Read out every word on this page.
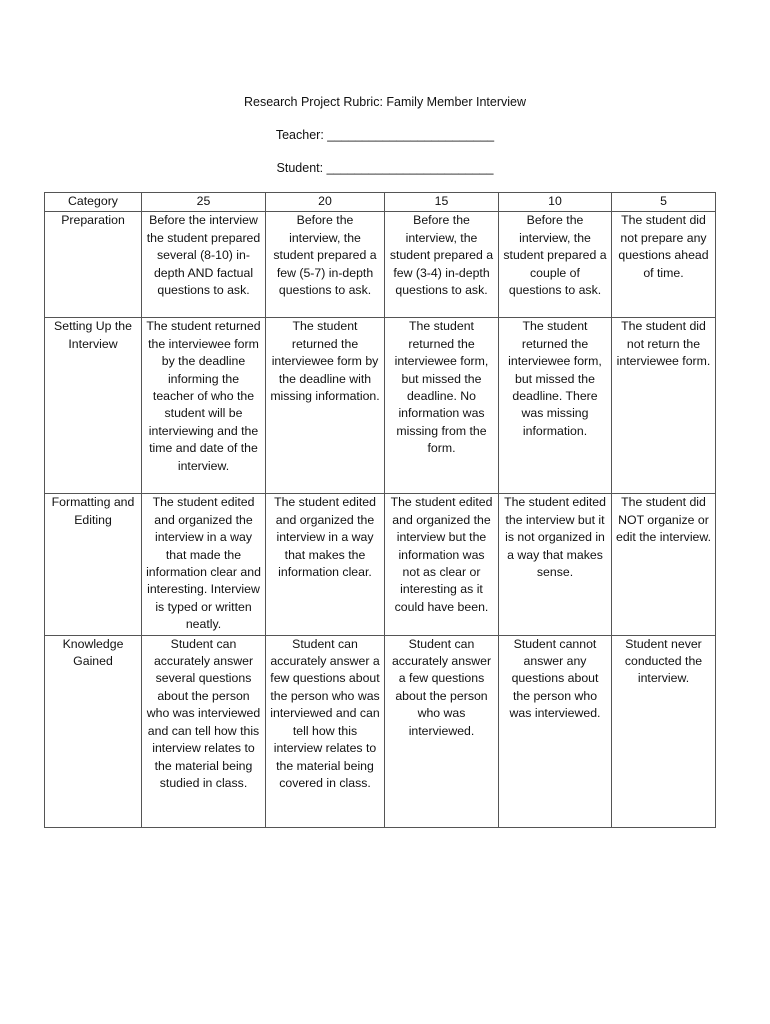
Research Project Rubric: Family Member Interview
Teacher: ________________________
Student: ________________________
Category	25	20	15	10	5
Preparation	Before the interview the student prepared several (8-10) in-depth AND factual questions to ask.	Before the interview, the student prepared a few (5-7) in-depth questions to ask.	Before the interview, the student prepared a few (3-4) in-depth questions to ask.	Before the interview, the student prepared a couple of questions to ask.	The student did not prepare any questions ahead of time.
Setting Up the Interview	The student returned the interviewee form by the deadline informing the teacher of who the student will be interviewing and the time and date of the interview.	The student returned the interviewee form by the deadline with missing information.	The student returned the interviewee form, but missed the deadline. No information was missing from the form.	The student returned the interviewee form, but missed the deadline. There was missing information.	The student did not return the interviewee form.
Formatting and Editing	The student edited and organized the interview in a way that made the information clear and interesting. Interview is typed or written neatly.	The student edited and organized the interview in a way that makes the information clear.	The student edited and organized the interview but the information was not as clear or interesting as it could have been.	The student edited the interview but it is not organized in a way that makes sense.	The student did NOT organize or edit the interview.
Knowledge Gained	Student can accurately answer several questions about the person who was interviewed and can tell how this interview relates to the material being studied in class.	Student can accurately answer a few questions about the person who was interviewed and can tell how this interview relates to the material being covered in class.	Student can accurately answer a few questions about the person who was interviewed.	Student cannot answer any questions about the person who was interviewed.	Student never conducted the interview.
